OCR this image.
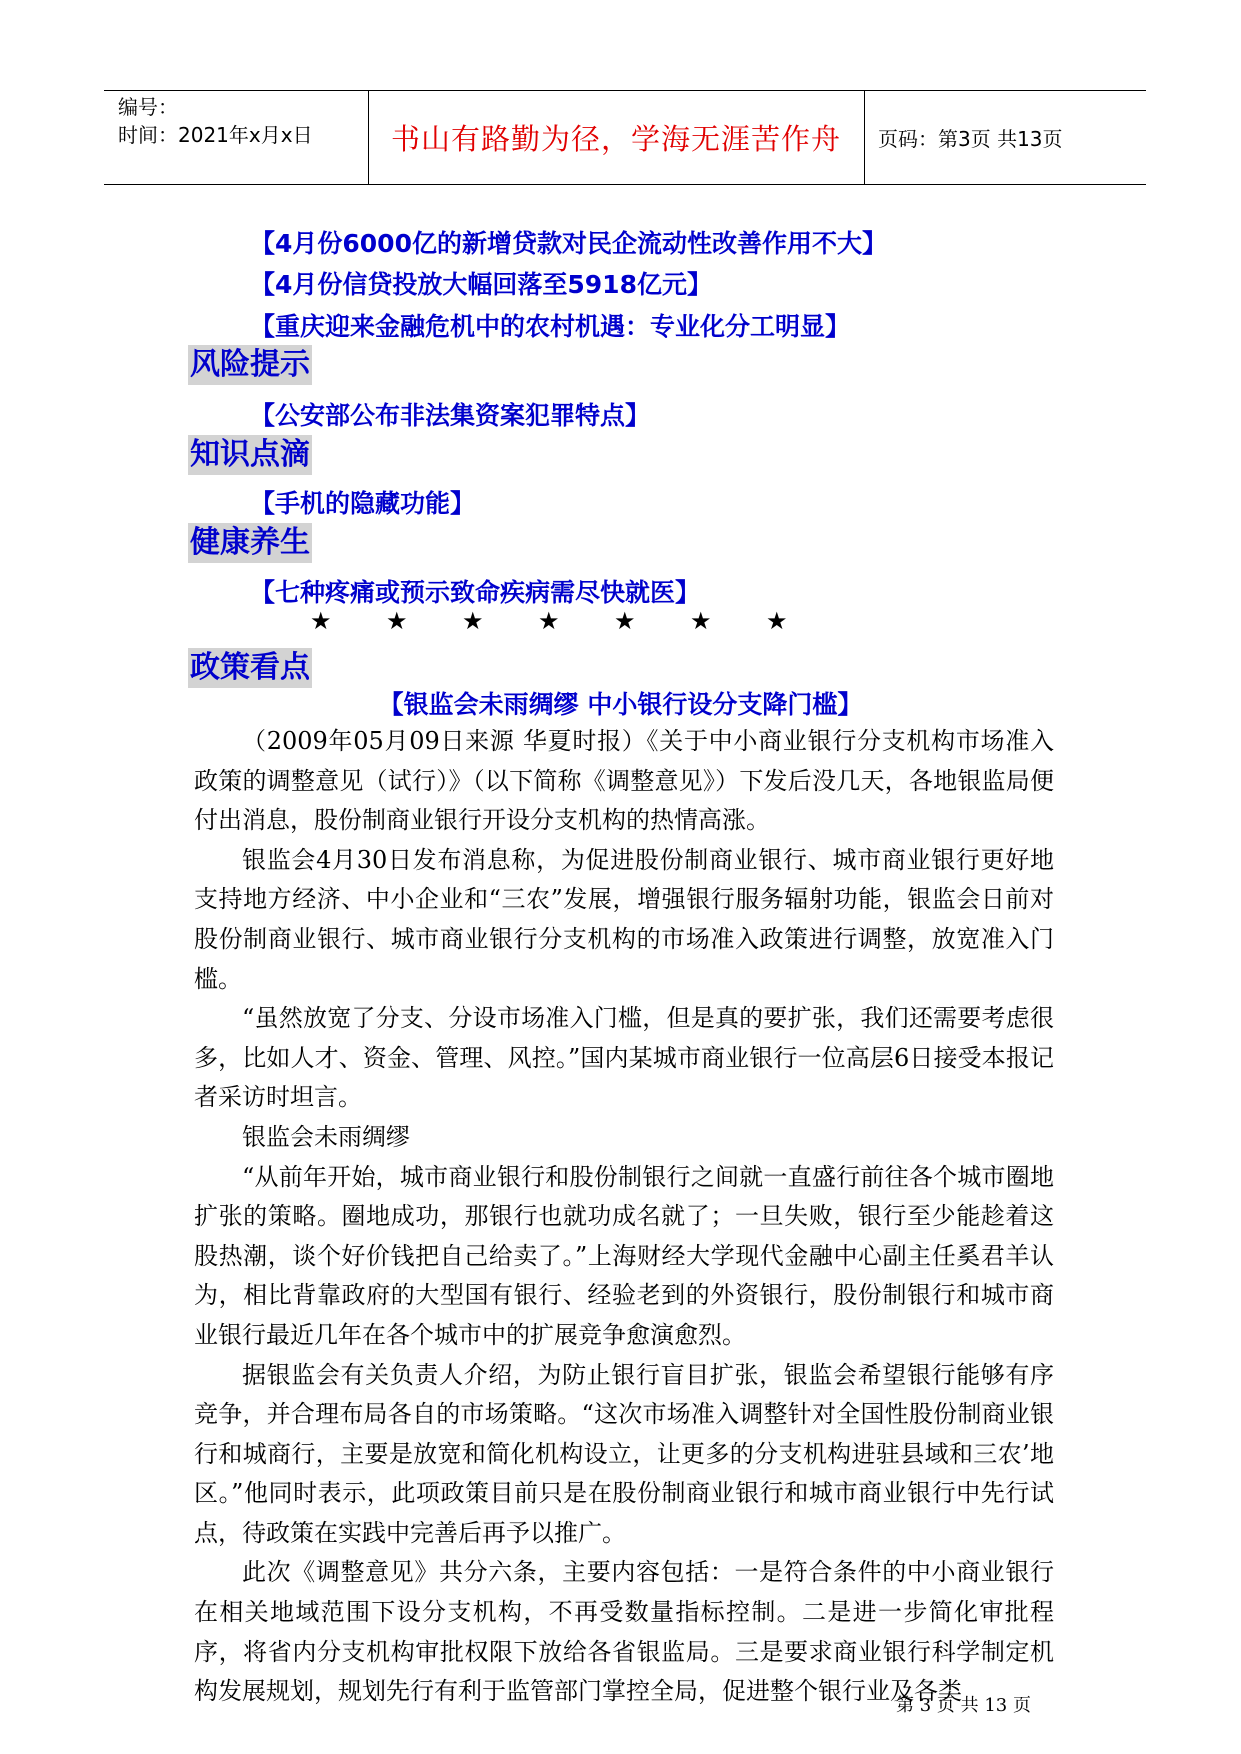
编号：
时间：2021年x月x日	书山有路勤为径，学海无涯苦作舟	页码：第3页 共13页
【4月份6000亿的新增贷款对民企流动性改善作用不大】
【4月份信贷投放大幅回落至5918亿元】
【重庆迎来金融危机中的农村机遇：专业化分工明显】
风险提示
【公安部公布非法集资案犯罪特点】
知识点滴
【手机的隐藏功能】
健康养生
【七种疼痛或预示致命疾病需尽快就医】
★ ★ ★ ★ ★ ★ ★
政策看点
【银监会未雨绸缪 中小银行设分支降门槛】

（2009年05月09日来源 华夏时报）《关于中小商业银行分支机构市场准入政策的调整意见（试行）》（以下简称《调整意见》）下发后没几天，各地银监局便付出消息，股份制商业银行开设分支机构的热情高涨。

银监会4月30日发布消息称，为促进股份制商业银行、城市商业银行更好地支持地方经济、中小企业和“三农”发展，增强银行服务辐射功能，银监会日前对股份制商业银行、城市商业银行分支机构的市场准入政策进行调整，放宽准入门槛。

“虽然放宽了分支、分设市场准入门槛，但是真的要扩张，我们还需要考虑很多，比如人才、资金、管理、风控。”国内某城市商业银行一位高层6日接受本报记者采访时坦言。

银监会未雨绸缪

“从前年开始，城市商业银行和股份制银行之间就一直盛行前往各个城市圈地扩张的策略。圈地成功，那银行也就功成名就了；一旦失败，银行至少能趁着这股热潮，谈个好价钱把自己给卖了。”上海财经大学现代金融中心副主任奚君羊认为，相比背靠政府的大型国有银行、经验老到的外资银行，股份制银行和城市商业银行最近几年在各个城市中的扩展竞争愈演愈烈。

据银监会有关负责人介绍，为防止银行盲目扩张，银监会希望银行能够有序竞争，并合理布局各自的市场策略。“这次市场准入调整针对全国性股份制商业银行和城商行，主要是放宽和简化机构设立，让更多的分支机构进驻县域和三农’地区。”他同时表示，此项政策目前只是在股份制商业银行和城市商业银行中先行试点，待政策在实践中完善后再予以推广。

此次《调整意见》共分六条，主要内容包括：一是符合条件的中小商业银行在相关地域范围下设分支机构，不再受数量指标控制。二是进一步简化审批程序，将省内分支机构审批权限下放给各省银监局。三是要求商业银行科学制定机构发展规划，规划先行有利于监管部门掌控全局，促进整个银行业及各类

第 3 页 共 13 页
